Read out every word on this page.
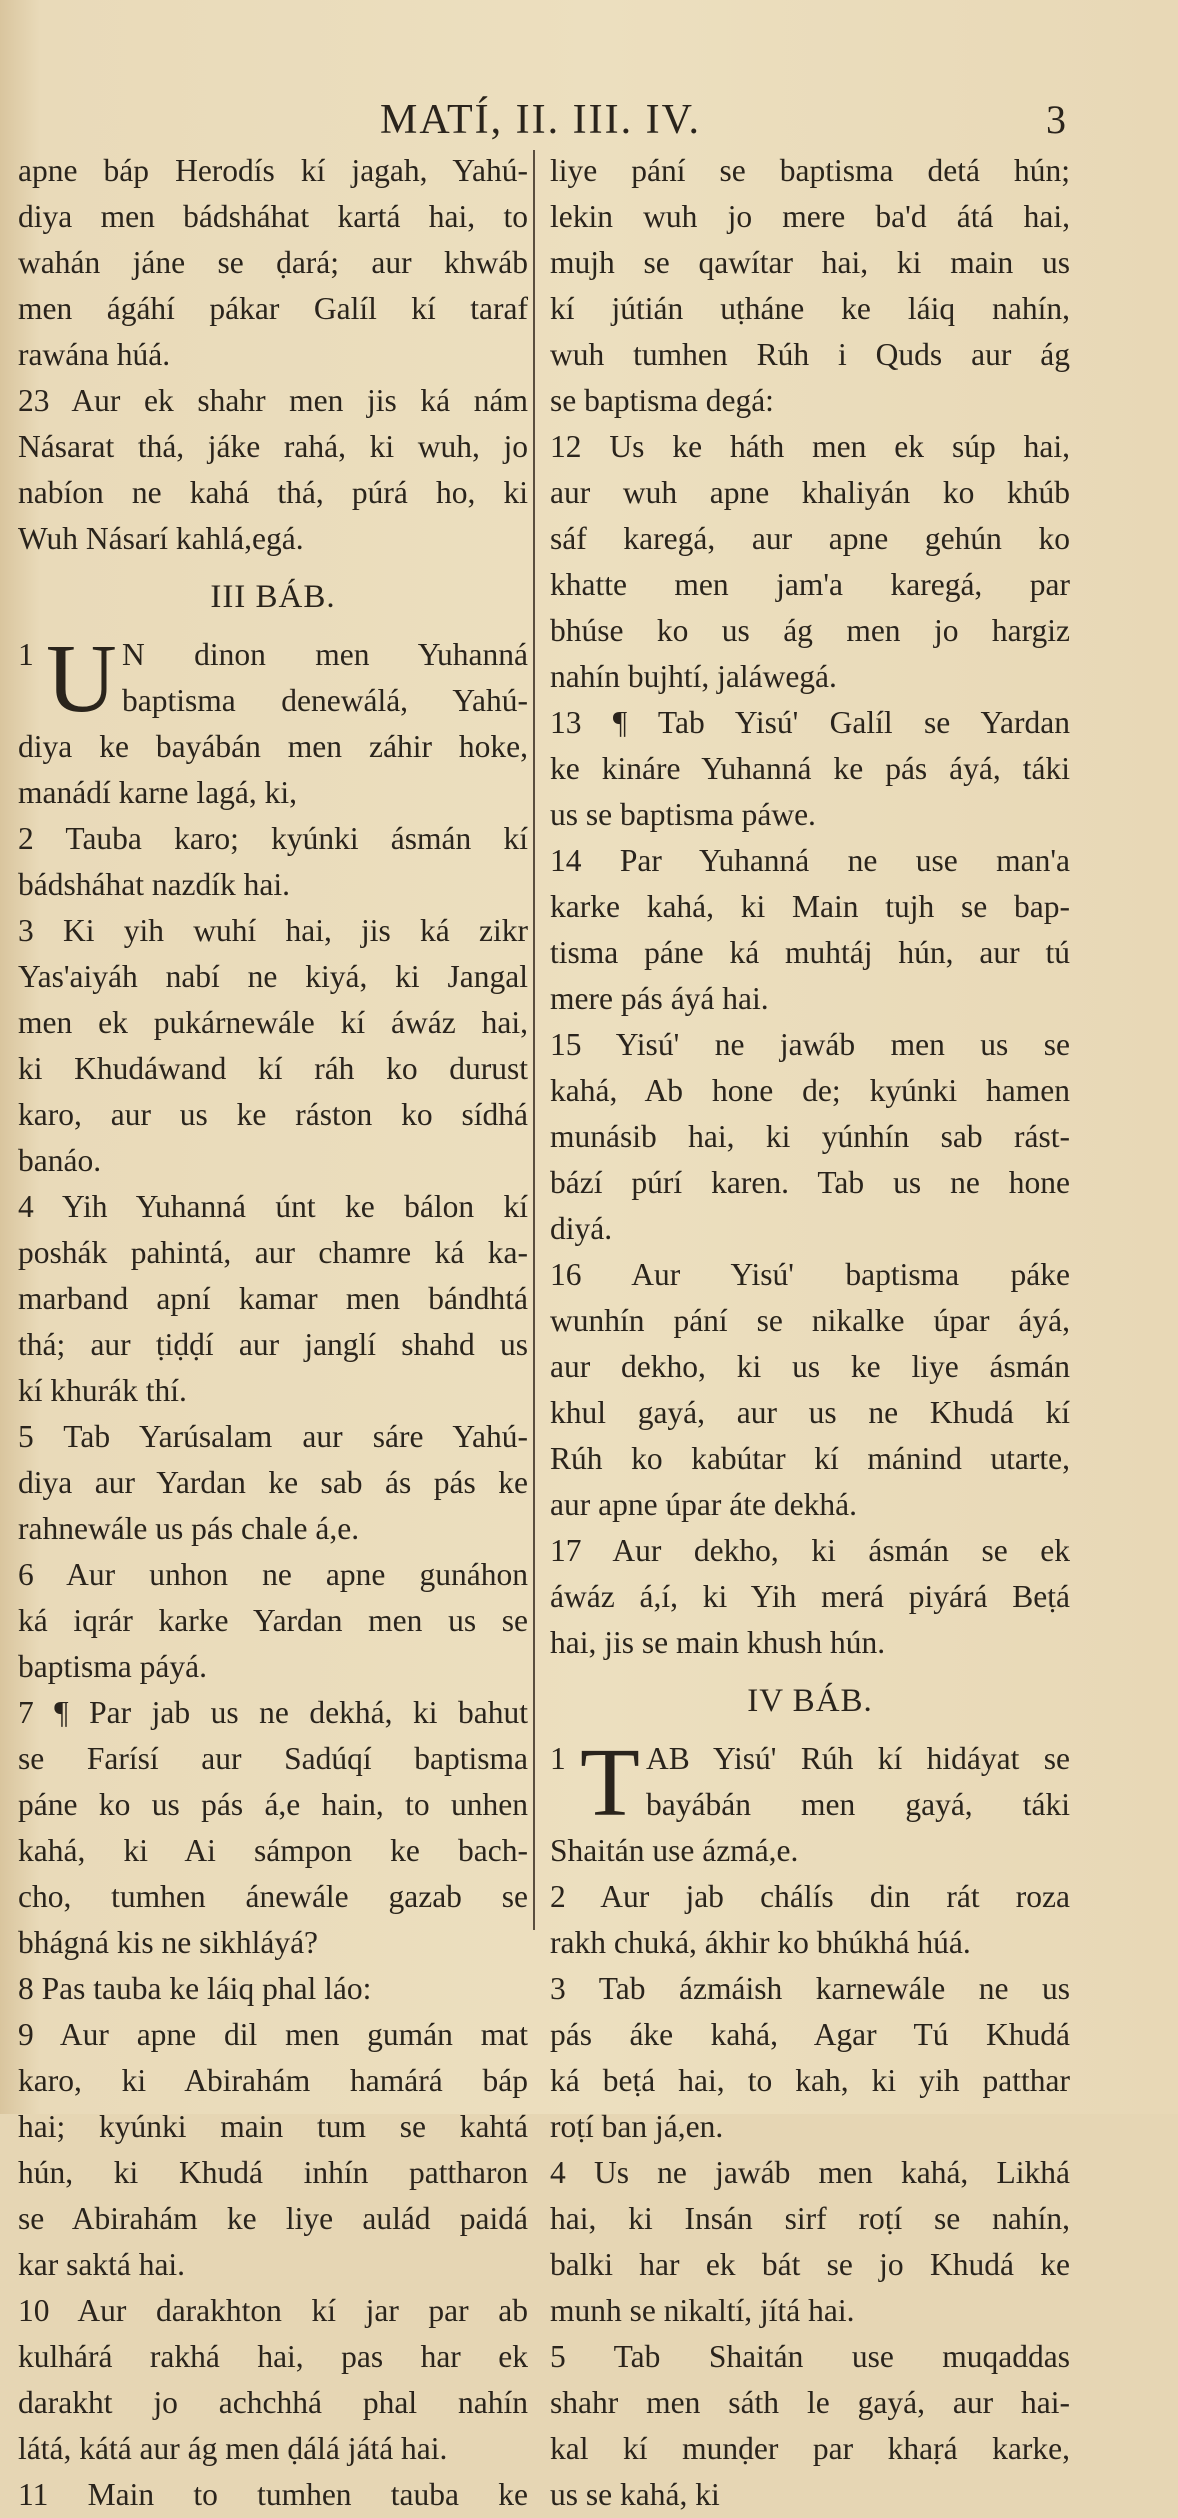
MATÍ, II. III. IV.	3
apne báp Herodís kí jagah, Yahú-
diya men bádsháhat kartá hai, to
wahán jáne se ḍará; aur khwáb
men ágáhí pákar Galíl kí taraf
rawána húá.
23 Aur ek shahr men jis ká nám
Násarat thá, jáke rahá, ki wuh, jo
nabíon ne kahá thá, púrá ho, ki
Wuh Násarí kahlá,egá.
III BÁB.
1 U N dinon men Yuhanná
baptisma denewálá, Yahú-
diya ke bayábán men záhir hoke,
manádí karne lagá, ki,
2 Tauba karo; kyúnki ásmán kí
bádsháhat nazdík hai.
3 Ki yih wuhí hai, jis ká zikr
Yas'aiyáh nabí ne kiyá, ki Jangal
men ek pukárnewále kí áwáz hai,
ki Khudáwand kí ráh ko durust
karo, aur us ke ráston ko sídhá
banáo.
4 Yih Yuhanná únt ke bálon kí
poshák pahintá, aur chamre ká ka-
marband apní kamar men bándhtá
thá; aur ṭiḍḍí aur janglí shahd us
kí khurák thí.
5 Tab Yarúsalam aur sáre Yahú-
diya aur Yardan ke sab ás pás ke
rahnewále us pás chale á,e.
6 Aur unhon ne apne gunáhon
ká iqrár karke Yardan men us se
baptisma páyá.
7 ¶ Par jab us ne dekhá, ki bahut
se Farísí aur Sadúqí baptisma
páne ko us pás á,e hain, to unhen
kahá, ki Ai sámpon ke bach-
cho, tumhen ánewále gazab se
bhágná kis ne sikhláyá?
8 Pas tauba ke láiq phal láo:
9 Aur apne dil men gumán mat
karo, ki Abirahám hamárá báp
hai; kyúnki main tum se kahtá
hún, ki Khudá inhín pattharon
se Abirahám ke liye aulád paidá
kar saktá hai.
10 Aur darakhton kí jar par ab
kulhárá rakhá hai, pas har ek
darakht jo achchhá phal nahín
látá, kátá aur ág men ḍálá játá hai.
11 Main to tumhen tauba ke
liye pání se baptisma detá hún;
lekin wuh jo mere ba'd átá hai,
mujh se qawítar hai, ki main us
kí jútián uṭháne ke láiq nahín,
wuh tumhen Rúh i Quds aur ág
se baptisma degá:
12 Us ke háth men ek súp hai,
aur wuh apne khaliyán ko khúb
sáf karegá, aur apne gehún ko
khatte men jam'a karegá, par
bhúse ko us ág men jo hargiz
nahín bujhtí, jaláwegá.
13 ¶ Tab Yisú' Galíl se Yardan
ke kináre Yuhanná ke pás áyá, táki
us se baptisma páwe.
14 Par Yuhanná ne use man'a
karke kahá, ki Main tujh se bap-
tisma páne ká muhtáj hún, aur tú
mere pás áyá hai.
15 Yisú' ne jawáb men us se
kahá, Ab hone de; kyúnki hamen
munásib hai, ki yúnhín sab rást-
bází púrí karen. Tab us ne hone
diyá.
16 Aur Yisú' baptisma páke
wunhín pání se nikalke úpar áyá,
aur dekho, ki us ke liye ásmán
khul gayá, aur us ne Khudá kí
Rúh ko kabútar kí mánind utarte,
aur apne úpar áte dekhá.
17 Aur dekho, ki ásmán se ek
áwáz á,í, ki Yih merá piyárá Beṭá
hai, jis se main khush hún.
IV BÁB.
1 T AB Yisú' Rúh kí hidáyat se
bayábán men gayá, táki
Shaitán use ázmá,e.
2 Aur jab chálís din rát roza
rakh chuká, ákhir ko bhúkhá húá.
3 Tab ázmáish karnewále ne us
pás áke kahá, Agar Tú Khudá
ká beṭá hai, to kah, ki yih patthar
roṭí ban já,en.
4 Us ne jawáb men kahá, Likhá
hai, ki Insán sirf roṭí se nahín,
balki har ek bát se jo Khudá ke
munh se nikaltí, jítá hai.
5 Tab Shaitán use muqaddas
shahr men sáth le gayá, aur hai-
kal kí munḍer par khaṛá karke,
us se kahá, ki
